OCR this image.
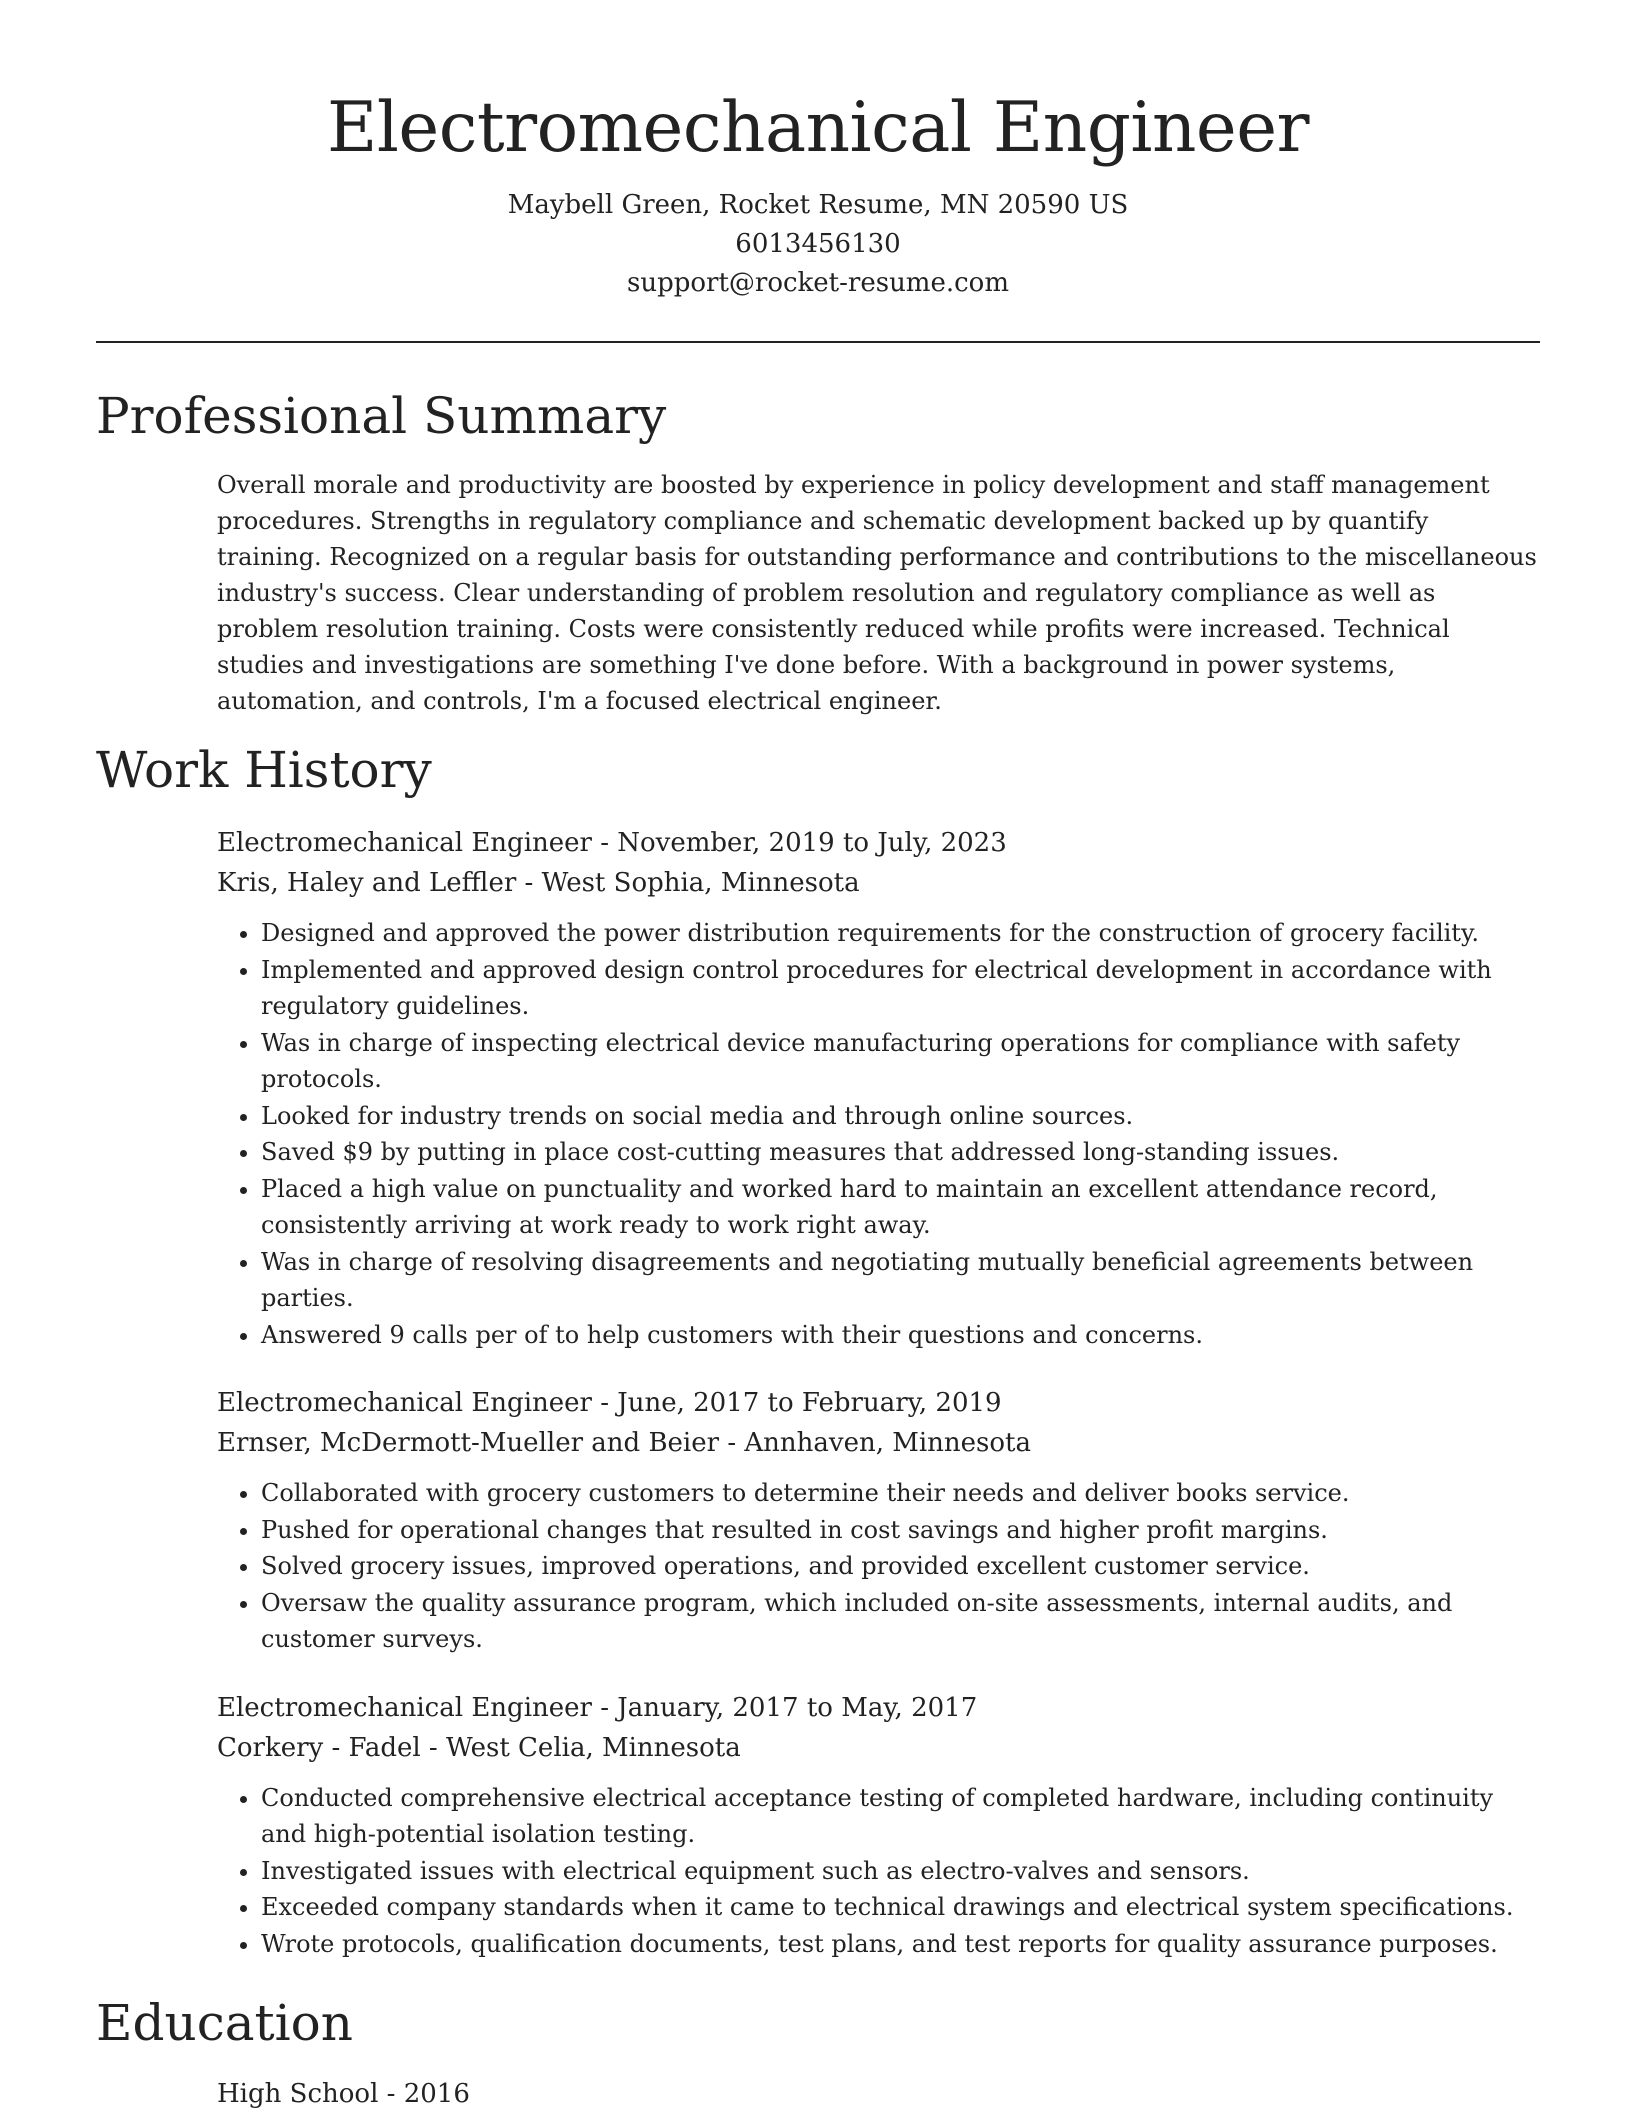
Electromechanical Engineer
Maybell Green, Rocket Resume, MN 20590 US
6013456130
support@rocket-resume.com
Professional Summary
Overall morale and productivity are boosted by experience in policy development and staff management procedures. Strengths in regulatory compliance and schematic development backed up by quantify training. Recognized on a regular basis for outstanding performance and contributions to the miscellaneous industry's success. Clear understanding of problem resolution and regulatory compliance as well as problem resolution training. Costs were consistently reduced while profits were increased. Technical studies and investigations are something I've done before. With a background in power systems, automation, and controls, I'm a focused electrical engineer.
Work History
Electromechanical Engineer - November, 2019 to July, 2023
Kris, Haley and Leffler - West Sophia, Minnesota
• Designed and approved the power distribution requirements for the construction of grocery facility.
• Implemented and approved design control procedures for electrical development in accordance with regulatory guidelines.
• Was in charge of inspecting electrical device manufacturing operations for compliance with safety protocols.
• Looked for industry trends on social media and through online sources.
• Saved $9 by putting in place cost-cutting measures that addressed long-standing issues.
• Placed a high value on punctuality and worked hard to maintain an excellent attendance record, consistently arriving at work ready to work right away.
• Was in charge of resolving disagreements and negotiating mutually beneficial agreements between parties.
• Answered 9 calls per of to help customers with their questions and concerns.
Electromechanical Engineer - June, 2017 to February, 2019
Ernser, McDermott-Mueller and Beier - Annhaven, Minnesota
• Collaborated with grocery customers to determine their needs and deliver books service.
• Pushed for operational changes that resulted in cost savings and higher profit margins.
• Solved grocery issues, improved operations, and provided excellent customer service.
• Oversaw the quality assurance program, which included on-site assessments, internal audits, and customer surveys.
Electromechanical Engineer - January, 2017 to May, 2017
Corkery - Fadel - West Celia, Minnesota
• Conducted comprehensive electrical acceptance testing of completed hardware, including continuity and high-potential isolation testing.
• Investigated issues with electrical equipment such as electro-valves and sensors.
• Exceeded company standards when it came to technical drawings and electrical system specifications.
• Wrote protocols, qualification documents, test plans, and test reports for quality assurance purposes.
Education
High School - 2016
